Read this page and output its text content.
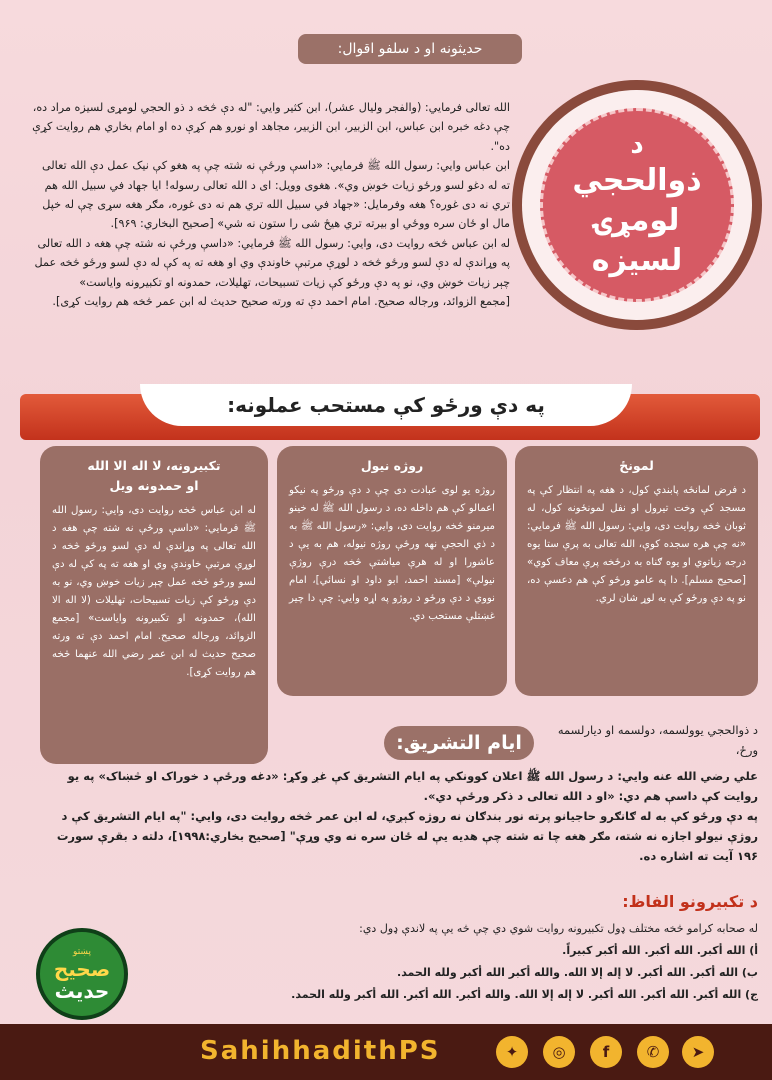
حدیثونه او د سلفو اقوال:

الله تعالی فرمایي: (والفجر وليال عشر)، ابن کثير وايي: "له دې څخه د ذو الحجي لومړی لسیزه مراد ده، چې دغه خبره ابن عباس، ابن الزبیر، ابن الزبیر، مجاهد او نورو هم کړې ده او امام بخاري هم روایت کړې ده".

ابن عباس وايي: رسول الله ﷺ فرمايي: «داسې ورځې نه شته چې په هغو کې نیک عمل دې الله تعالی ته له دغو لسو ورځو زیات خوښ وي». هغوی وویل: ای د الله تعالی رسوله! ایا جهاد في سبیل الله هم تري نه دی غوره؟ هغه وفرمایل: «جهاد في سبیل الله تري هم نه دی غوره، مګر هغه سړی چې له خپل مال او ځان سره ووځي او بیرته تري هیڅ شی را ستون نه شي» [صحیح البخاري: ۹۶۹].

له ابن عباس څخه روایت دی، وایي: رسول الله ﷺ فرمایي: «داسې ورځې نه شته چې هغه د الله تعالی په وړاندې له دې لسو ورځو څخه د لوړې مرتبې خاوندې وي او هغه ته په کې له دې لسو ورځو څخه عمل چېر زیات خوښ وي، نو په دې ورځو کې زیات تسبیحات، تهلیلات، حمدونه او تکبیرونه وایاست»

[مجمع الزوائد، ورجاله صحیح. امام احمد دې ته ورته صحیح حدیث له ابن عمر څخه هم روایت کړی].

د
ذوالحجي
لومړۍ
لسیزه
په دې ورځو کې مستحب عملونه:
لمونځ
د فرض لمانځه پابندي کول، د هغه په انتظار کې په مسجد کې وخت تیرول او نفل لمونځونه کول، له ثوبان څخه روایت دی، وایي: رسول الله ﷺ فرمایي: «نه چې هره سجده کوې، الله تعالی به پرې ستا یوه درجه زیاتوي او یوه ګناه به درځخه پرې معاف کوي» [صحیح مسلم]. دا په عامو ورځو کې هم دعسې ده، نو په دې ورځو کې به لوړ شان لري.
روژه نیول
روژه یو لوی عبادت دی چې د دې ورځو په نیکو اعمالو کې هم داخله ده، د رسول الله ﷺ له خینو میرمنو څخه روایت دی، وایي: «رسول الله ﷺ به د ذي الحجې نهه ورځې روژه نیوله، هم به یې د عاشورا او له هرې میاشتې څخه درې روژې نیولې» [مسند احمد، ابو داود او نسائي]، امام نووي د دې ورځو د روژو په اړه وایي: چې دا چیر غښتلې مستحب دي.
تکبیرونه، لا اله الا الله
او حمدونه ویل
له ابن عباس څخه روایت دی، وایي: رسول الله ﷺ فرمایي: «داسې ورځې نه شته چې هغه د الله تعالی په وړاندې له دې لسو ورځو څخه د لوړې مرتبې خاوندې وي او هغه ته په کې له دې لسو ورځو څخه عمل چېر زیات خوښ وي، نو به دې ورځو کې زیات تسبیحات، تهلیلات (لا اله الا الله)، حمدونه او تکبیرونه وایاست» [مجمع الزوائد، ورجاله صحیح. امام احمد دې ته ورته صحیح حدیث له ابن عمر رضي الله عنهما څخه هم روایت کړی].
ایام التشریق:
د ذوالحجي یوولسمه، دولسمه او دیارلسمه ورځ،

علي رضي الله عنه وايي: د رسول الله ﷺ اعلان کوونکي په ایام التشریق کې غږ وکړ: «دغه ورځې د خوراک او څښاک» په یو روایت کې داسې هم دي: «او د الله تعالی د ذکر ورځې دي».

په دې ورځو کې به له ګانګرو حاجیانو پرته نور بندګان نه روژه کېږي، له ابن عمر څخه روایت دی، وایي: "په ایام التشریق کې د روژې نیولو اجازه نه شته، مګر هغه چا ته شته چې هدیه یې له ځان سره نه وي وړې" [صحیح بخاري:۱۹۹۸]، دلته د بقرې سورت ۱۹۶ آیت ته اشاره ده.

د تکبیرونو الفاظ:
له صحابه کرامو څخه مختلف ډول تکبیرونه روایت شوي دي چې څه یې په لاندې ډول دي:
أ) الله أكبر. الله أكبر. الله أكبر كبيراً.
ب) الله أكبر. الله أكبر. لا إله إلا الله. والله أكبر الله أكبر ولله الحمد.
ج) الله أكبر. الله أكبر. الله أكبر. لا إله إلا الله. والله أكبر. الله أكبر. الله أكبر ولله الحمد.
پښتو
صحیح
حدیث
SahihhadithPS	➤
✆
f
◎
✦
